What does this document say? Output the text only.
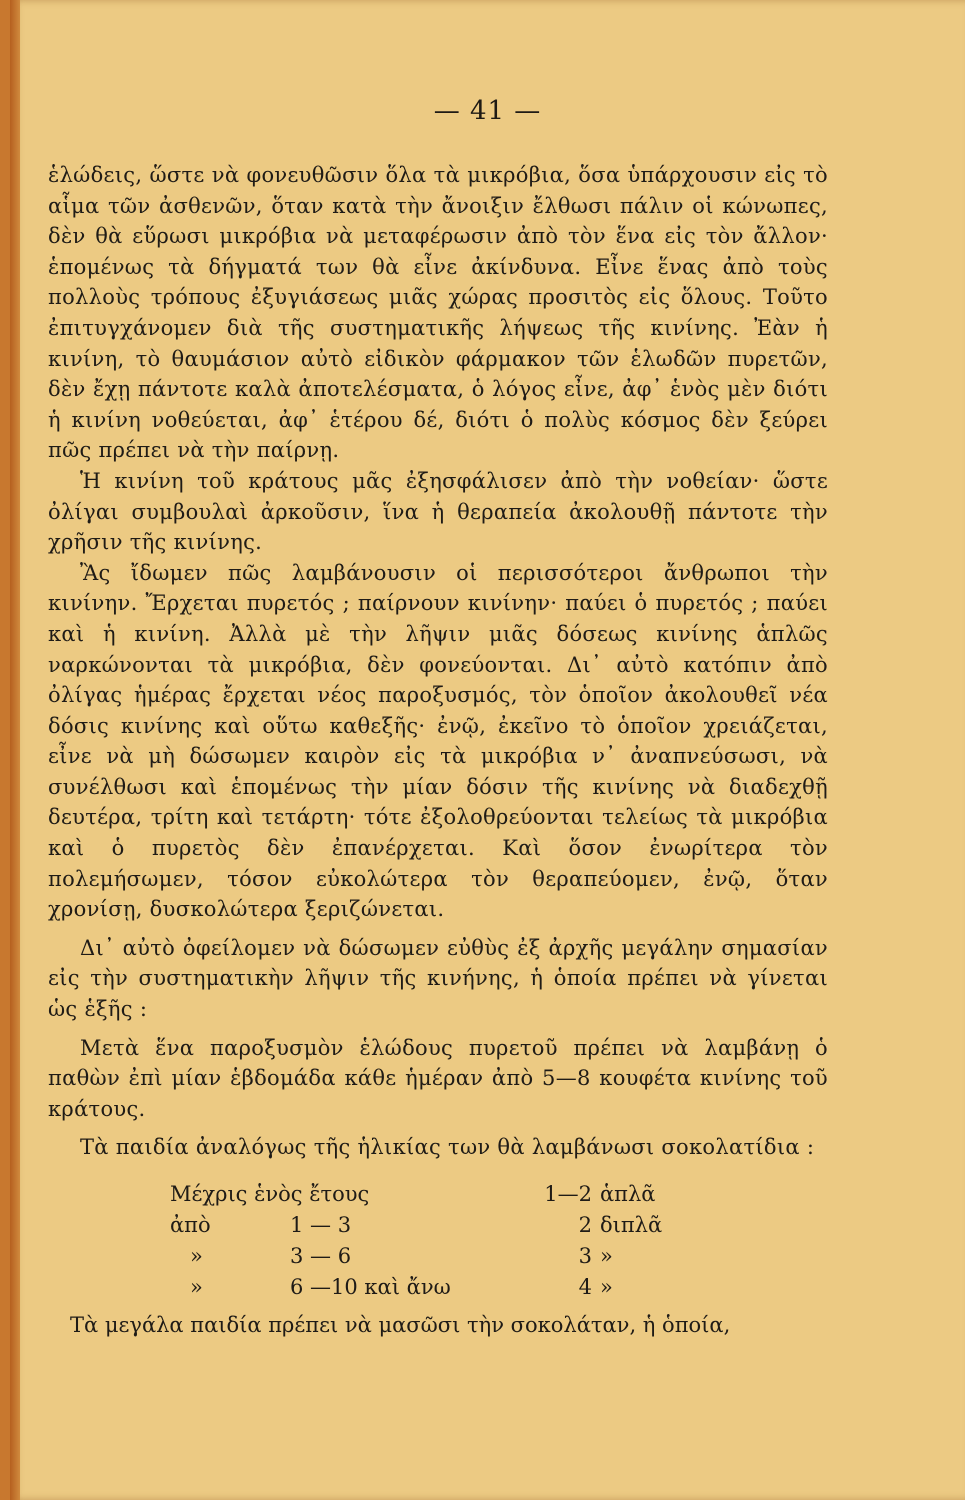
— 41 —

ἑλώδεις, ὥστε νὰ φονευθῶσιν ὅλα τὰ μικρόβια, ὅσα ὑπάρχουσιν εἰς τὸ αἷμα τῶν ἀσθενῶν, ὅταν κατὰ τὴν ἄνοιξιν ἔλθωσι πάλιν οἱ κώνωπες, δὲν θὰ εὕρωσι μικρόβια νὰ μεταφέρωσιν ἀπὸ τὸν ἕνα εἰς τὸν ἄλλον· ἑπομένως τὰ δήγματά των θὰ εἶνε ἀκίνδυνα. Εἶνε ἕνας ἀπὸ τοὺς πολλοὺς τρόπους ἐξυγιάσεως μιᾶς χώρας προσιτὸς εἰς ὅλους. Τοῦτο ἐπιτυγχάνομεν διὰ τῆς συστηματικῆς λήψεως τῆς κινίνης. Ἐὰν ἡ κινίνη, τὸ θαυμάσιον αὐτὸ εἰδικὸν φάρμακον τῶν ἑλωδῶν πυρετῶν, δὲν ἔχῃ πάντοτε καλὰ ἀποτελέσματα, ὁ λόγος εἶνε, ἀφ᾽ ἑνὸς μὲν διότι ἡ κινίνη νοθεύεται, ἀφ᾽ ἑτέρου δέ, διότι ὁ πολὺς κόσμος δὲν ξεύρει πῶς πρέπει νὰ τὴν παίρνῃ.

Ἡ κινίνη τοῦ κράτους μᾶς ἐξησφάλισεν ἀπὸ τὴν νοθείαν· ὥστε ὀλίγαι συμβουλαὶ ἀρκοῦσιν, ἵνα ἡ θεραπεία ἀκολουθῇ πάντοτε τὴν χρῆσιν τῆς κινίνης.

Ἂς ἴδωμεν πῶς λαμβάνουσιν οἱ περισσότεροι ἄνθρωποι τὴν κινίνην. Ἔρχεται πυρετός ; παίρνουν κινίνην· παύει ὁ πυρετός ; παύει καὶ ἡ κινίνη. Ἀλλὰ μὲ τὴν λῆψιν μιᾶς δόσεως κινίνης ἁπλῶς ναρκώνονται τὰ μικρόβια, δὲν φονεύονται. Δι᾽ αὐτὸ κατόπιν ἀπὸ ὀλίγας ἡμέρας ἔρχεται νέος παροξυσμός, τὸν ὁποῖον ἀκολουθεῖ νέα δόσις κινίνης καὶ οὕτω καθεξῆς· ἐνῷ, ἐκεῖνο τὸ ὁποῖον χρειάζεται, εἶνε νὰ μὴ δώσωμεν καιρὸν εἰς τὰ μικρόβια ν᾽ ἀναπνεύσωσι, νὰ συνέλθωσι καὶ ἑπομένως τὴν μίαν δόσιν τῆς κινίνης νὰ διαδεχθῇ δευτέρα, τρίτη καὶ τετάρτη· τότε ἐξολοθρεύονται τελείως τὰ μικρόβια καὶ ὁ πυρετὸς δὲν ἐπανέρχεται. Καὶ ὅσον ἐνωρίτερα τὸν πολεμήσωμεν, τόσον εὐκολώτερα τὸν θεραπεύομεν, ἐνῷ, ὅταν χρονίσῃ, δυσκολώτερα ξεριζώνεται.

Δι᾽ αὐτὸ ὀφείλομεν νὰ δώσωμεν εὐθὺς ἐξ ἀρχῆς μεγάλην σημασίαν εἰς τὴν συστηματικὴν λῆψιν τῆς κινήνης, ἡ ὁποία πρέπει νὰ γίνεται ὡς ἑξῆς :

Μετὰ ἕνα παροξυσμὸν ἑλώδους πυρετοῦ πρέπει νὰ λαμβάνῃ ὁ παθὼν ἐπὶ μίαν ἑβδομάδα κάθε ἡμέραν ἀπὸ 5—8 κουφέτα κινίνης τοῦ κράτους.

Τὰ παιδία ἀναλόγως τῆς ἡλικίας των θὰ λαμβάνωσι σοκολατίδια :

Μέχρις ἑνὸς ἔτους		1—2	ἁπλᾶ
ἀπὸ	1 — 3	2	διπλᾶ
»	3 — 6	3	»
»	6 —10 καὶ ἄνω	4	»
Τὰ μεγάλα παιδία πρέπει νὰ μασῶσι τὴν σοκολάταν, ἡ ὁποία,
